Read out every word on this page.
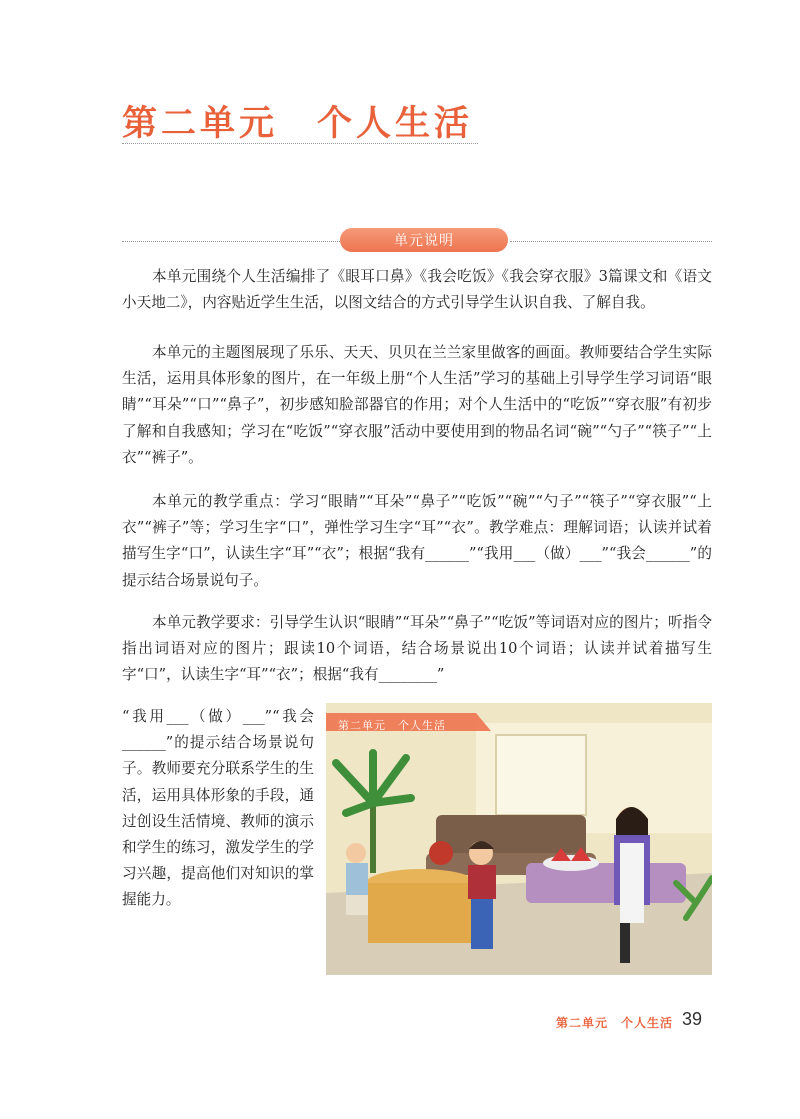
第二单元　个人生活
单元说明

本单元围绕个人生活编排了《眼耳口鼻》《我会吃饭》《我会穿衣服》3篇课文和《语文小天地二》，内容贴近学生生活，以图文结合的方式引导学生认识自我、了解自我。

本单元的主题图展现了乐乐、天天、贝贝在兰兰家里做客的画面。教师要结合学生实际生活，运用具体形象的图片，在一年级上册“个人生活”学习的基础上引导学生学习词语“眼睛”“耳朵”“口”“鼻子”，初步感知脸部器官的作用；对个人生活中的“吃饭”“穿衣服”有初步了解和自我感知；学习在“吃饭”“穿衣服”活动中要使用到的物品名词“碗”“勺子”“筷子”“上衣”“裤子”。

本单元的教学重点：学习“眼睛”“耳朵”“鼻子”“吃饭”“碗”“勺子”“筷子”“穿衣服”“上衣”“裤子”等；学习生字“口”，弹性学习生字“耳”“衣”。教学难点：理解词语；认读并试着描写生字“口”，认读生字“耳”“衣”；根据“我有______”“我用___（做）___”“我会______”的提示结合场景说句子。

本单元教学要求：引导学生认识“眼睛”“耳朵”“鼻子”“吃饭”等词语对应的图片；听指令指出词语对应的图片；跟读10个词语，结合场景说出10个词语；认读并试着描写生字“口”，认读生字“耳”“衣”；根据“我有________”

“我用___（做）___”“我会______”的提示结合场景说句子。教师要充分联系学生的生活，运用具体形象的手段，通过创设生活情境、教师的演示和学生的练习，激发学生的学习兴趣，提高他们对知识的掌握能力。

第二单元　个人生活
第二单元　个人生活 39
